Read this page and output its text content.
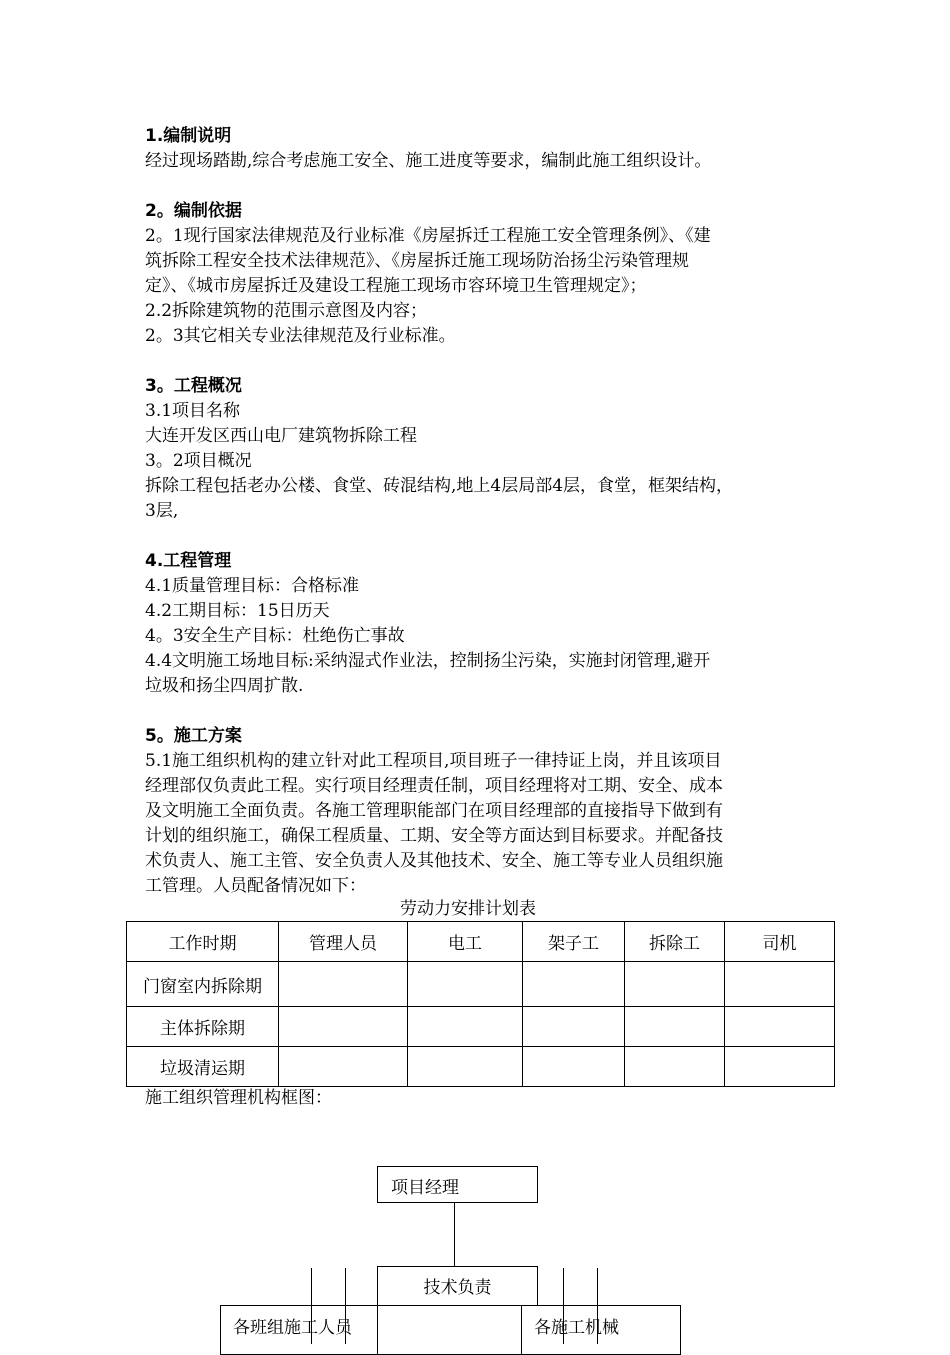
1.编制说明
经过现场踏勘,综合考虑施工安全、施工进度等要求，编制此施工组织设计。
2。编制依据
2。1现行国家法律规范及行业标准《房屋拆迁工程施工安全管理条例》、《建
筑拆除工程安全技术法律规范》、《房屋拆迁施工现场防治扬尘污染管理规
定》、《城市房屋拆迁及建设工程施工现场市容环境卫生管理规定》；
2.2拆除建筑物的范围示意图及内容；
2。3其它相关专业法律规范及行业标准。
3。工程概况
3.1项目名称
大连开发区西山电厂建筑物拆除工程
3。2项目概况
拆除工程包括老办公楼、食堂、砖混结构,地上4层局部4层，食堂，框架结构，
3层,
4.工程管理
4.1质量管理目标：合格标准
4.2工期目标：15日历天
4。3安全生产目标：杜绝伤亡事故
4.4文明施工场地目标:采纳湿式作业法，控制扬尘污染，实施封闭管理,避开
垃圾和扬尘四周扩散.
5。施工方案
5.1施工组织机构的建立针对此工程项目,项目班子一律持证上岗，并且该项目
经理部仅负责此工程。实行项目经理责任制，项目经理将对工期、安全、成本
及文明施工全面负责。各施工管理职能部门在项目经理部的直接指导下做到有
计划的组织施工，确保工程质量、工期、安全等方面达到目标要求。并配备技
术负责人、施工主管、安全负责人及其他技术、安全、施工等专业人员组织施
工管理。人员配备情况如下：
劳动力安排计划表
工作时期	管理人员	电工	架子工	拆除工	司机
门窗室内拆除期					
主体拆除期					
垃圾清运期					
施工组织管理机构框图：
项目经理
技术负责
各班组施工人员	各施工机械
